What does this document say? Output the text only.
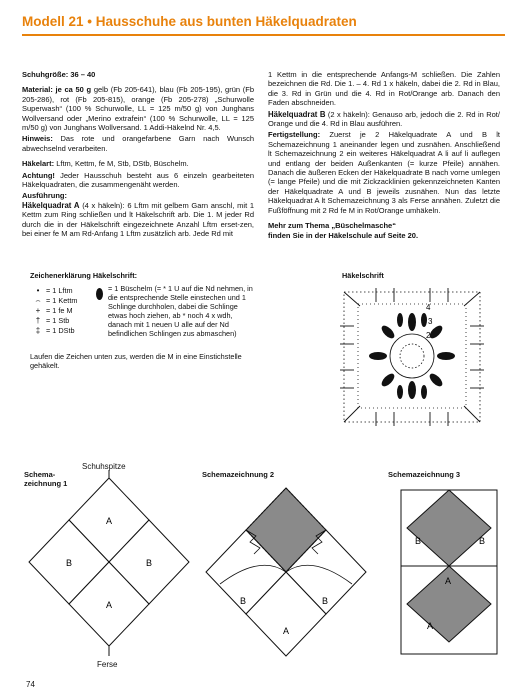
Modell 21 • Hausschuhe aus bunten Häkelquadraten

Schuhgröße: 36 – 40

Material: je ca 50 g gelb (Fb 205-641), blau (Fb 205-195), grün (Fb 205-286), rot (Fb 205-815), orange (Fb 205-278) „Schurwolle Superwash“ (100 % Schurwolle, LL = 125 m/50 g) von Junghans Wollversand oder „Merino extrafein“ (100 % Schurwolle, LL = 125 m/50 g) von Junghans Wollversand. 1 Addi-Häkelnd Nr. 4,5.

Hinweis: Das rote und orangefarbene Garn nach Wunsch abwechselnd verarbeiten.

Häkelart: Lftm, Kettm, fe M, Stb, DStb, Büschelm.

Achtung! Jeder Hausschuh besteht aus 6 einzeln gearbeiteten Häkelquadraten, die zusammengenäht werden.

Ausführung:

Häkelquadrat A (4 x häkeln): 6 Lftm mit gelbem Garn anschl, mit 1 Kettm zum Ring schließen und lt Häkelschrift arb. Die 1. M jeder Rd durch die in der Häkelschrift eingezeichnete Anzahl Lftm erset-zen, bei einer fe M am Rd-Anfang 1 Lftm zusätzlich arb. Jede Rd mit

1 Kettm in die entsprechende Anfangs-M schließen. Die Zahlen bezeichnen die Rd. Die 1. – 4. Rd 1 x häkeln, dabei die 2. Rd in Blau, die 3. Rd in Grün und die 4. Rd in Rot/Orange arb. Danach den Faden abschneiden.

Häkelquadrat B (2 x häkeln): Genauso arb, jedoch die 2. Rd in Rot/ Orange und die 4. Rd in Blau ausführen.

Fertigstellung: Zuerst je 2 Häkelquadrate A und B lt Schemazeichnung 1 aneinander legen und zusnähen. Anschließend lt Schemazeichnung 2 ein weiteres Häkelquadrat A li auf li auflegen und entlang der beiden Außenkanten (= kurze Pfeile) annähen. Danach die äußeren Ecken der Häkelquadrate B nach vorne umlegen (= lange Pfeile) und die mit Zickzacklinien gekennzeichneten Kanten der Häkelquadrate A und B jeweils zusnähen. Nun das letzte Häkelquadrat A lt Schemazeichnung 3 als Ferse annähen. Zuletzt die Fußföffnung mit 2 Rd fe M in Rot/Orange umhäkeln.

Mehr zum Thema „Büschelmasche“
finden Sie in der Häkelschule auf Seite 20.

Zeichenerklärung Häkelschrift:
• = 1 Lftm
⌢ = 1 Kettm
+ = 1 fe M
† = 1 Stb
‡ = 1 DStb
= 1 Büschelm (= * 1 U auf die Nd nehmen, in die entsprechende Stelle einstechen und 1 Schlinge durchholen, dabei die Schlinge etwas hoch ziehen, ab * noch 4 x wdh, danach mit 1 neuen U alle auf der Nd befindlichen Schlingen zus abmaschen)
Laufen die Zeichen unten zus, werden die M in eine Einstichstelle gehäkelt.
Häkelschrift
4
3
2
Schema-
zeichnung 1
Schuhspitze
A
B	B
A
Ferse
Schemazeichnung 2
B	B
A
Schemazeichnung 3
B	B
A
A
74
